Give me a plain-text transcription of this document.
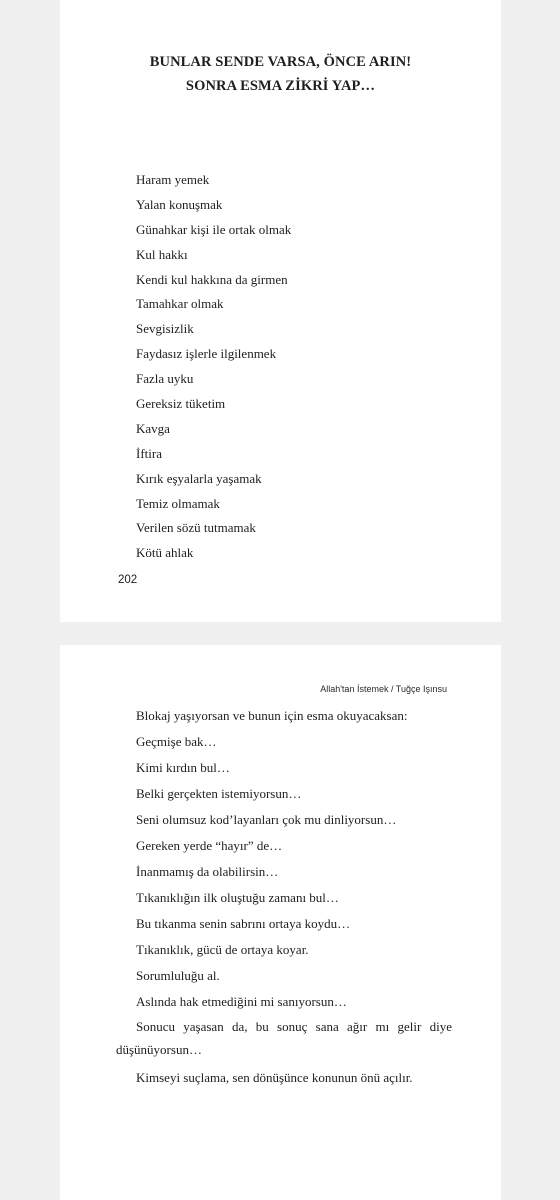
BUNLAR SENDE VARSA, ÖNCE ARIN!
SONRA ESMA ZİKRİ YAP…
Haram yemek
Yalan konuşmak
Günahkar kişi ile ortak olmak
Kul hakkı
Kendi kul hakkına da girmen
Tamahkar olmak
Sevgisizlik
Faydasız işlerle ilgilenmek
Fazla uyku
Gereksiz tüketim
Kavga
İftira
Kırık eşyalarla yaşamak
Temiz olmamak
Verilen sözü tutmamak
Kötü ahlak
202
Allah'tan İstemek / Tuğçe Işınsu
Blokaj yaşıyorsan ve bunun için esma okuyacaksan:
Geçmişe bak…
Kimi kırdın bul…
Belki gerçekten istemiyorsun…
Seni olumsuz kod’layanları çok mu dinliyorsun…
Gereken yerde “hayır” de…
İnanmamış da olabilirsin…
Tıkanıklığın ilk oluştuğu zamanı bul…
Bu tıkanma senin sabrını ortaya koydu…
Tıkanıklık, gücü de ortaya koyar.
Sorumluluğu al.
Aslında hak etmediğini mi sanıyorsun…

Sonucu yaşasan da, bu sonuç sana ağır mı gelir diye düşünüyorsun…

Kimseyi suçlama, sen dönüşünce konunun önü açılır.
